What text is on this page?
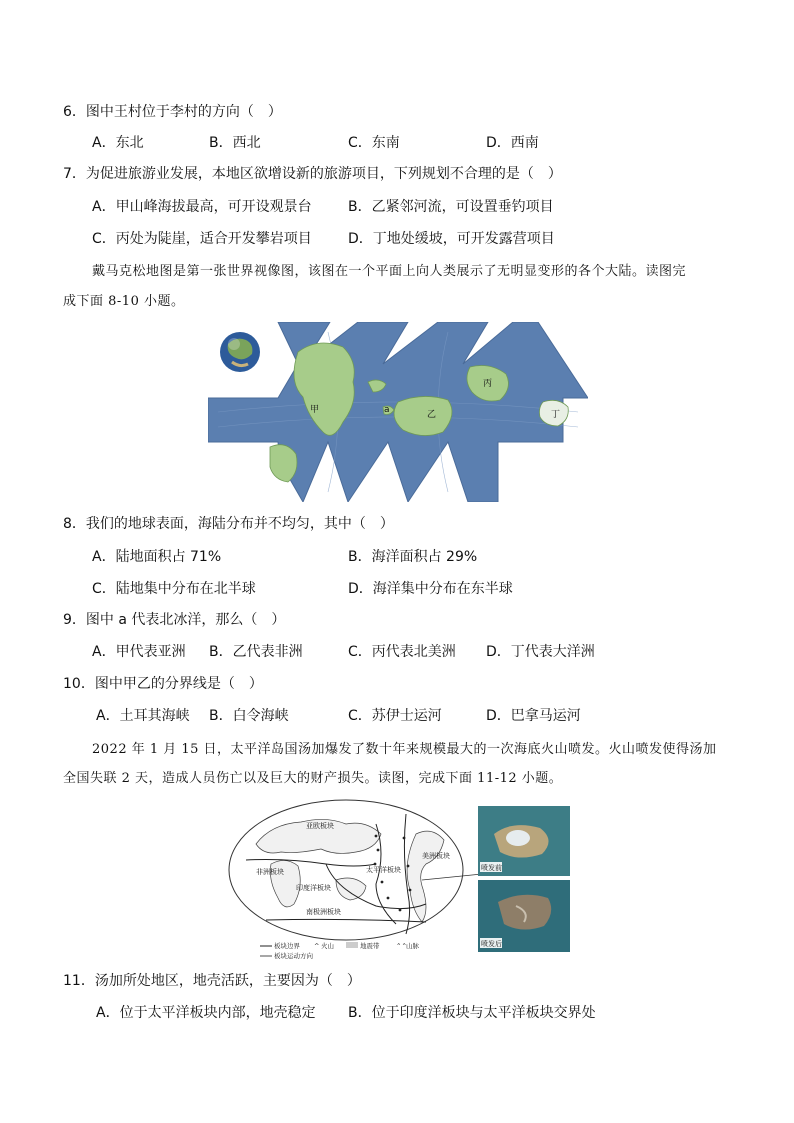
6．图中王村位于李村的方向（　）
A．东北	B．西北	C．东南	D．西南
7．为促进旅游业发展，本地区欲增设新的旅游项目，下列规划不合理的是（　）
A．甲山峰海拔最高，可开设观景台	B．乙紧邻河流，可设置垂钓项目
C．丙处为陡崖，适合开发攀岩项目	D．丁地处缓坡，可开发露营项目
戴马克松地图是第一张世界视像图，该图在一个平面上向人类展示了无明显变形的各个大陆。读图完
成下面 8-10 小题。
甲	a	乙
丙
丁
8．我们的地球表面，海陆分布并不均匀，其中（　）
A．陆地面积占 71%	B．海洋面积占 29%
C．陆地集中分布在北半球	D．海洋集中分布在东半球
9．图中 a 代表北冰洋，那么（　）
A．甲代表亚洲 B．乙代表非洲	C．丙代表北美洲 D．丁代表大洋洲
10．图中甲乙的分界线是（　）
A．土耳其海峡 B．白令海峡	C．苏伊士运河	D．巴拿马运河
2022 年 1 月 15 日，太平洋岛国汤加爆发了数十年来规模最大的一次海底火山喷发。火山喷发使得汤加
全国失联 2 天，造成人员伤亡以及巨大的财产损失。读图，完成下面 11-12 小题。
亚欧板块
非洲板块
印度洋板块
太平洋板块
南极洲板块
美洲板块
板块边界 ^ 火山	地震带	⌃⌃ 山脉
板块运动方向
喷发前
喷发后
11．汤加所处地区，地壳活跃，主要因为（　）
A．位于太平洋板块内部，地壳稳定 B．位于印度洋板块与太平洋板块交界处
